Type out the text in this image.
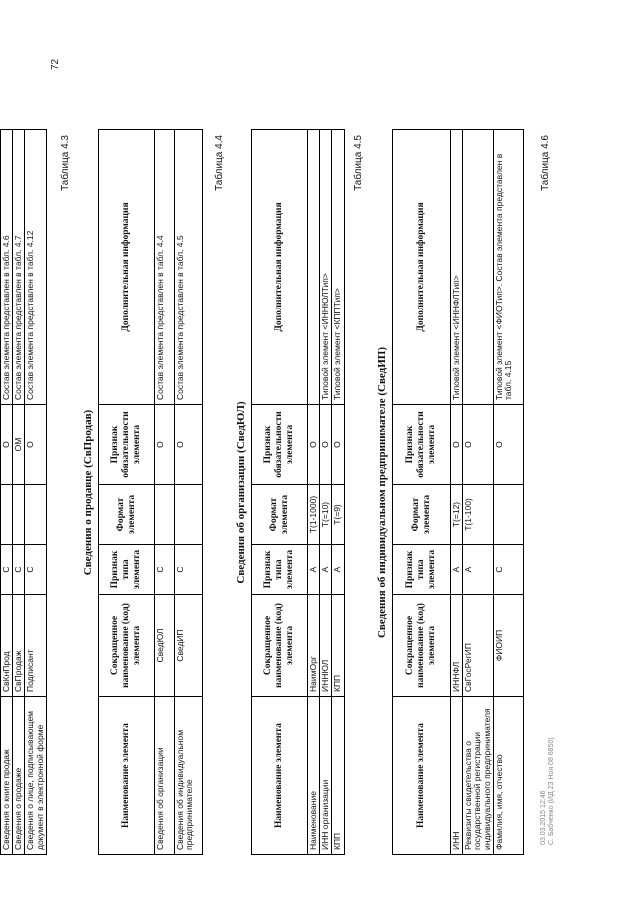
72
Сведения о книге продаж	СвКнПрод	С		О	Состав элемента представлен в табл. 4.6
Сведения о продаже	СвПродаж	С		ОМ	Состав элемента представлен в табл. 4.7
Сведения о лице, подписывающем документ в электронной форме	Подписант	С		О	Состав элемента представлен в табл. 4.12
Таблица 4.3
Сведения о продавце (СвПродав)
Наименование элемента	Сокращенное наименование (код) элемента	Признак типа элемента	Формат элемента	Признак обязательности элемента	Дополнительная информация
Сведения об организации	СведЮЛ	С		О	Состав элемента представлен в табл. 4.4
Сведения об индивидуальном предпринимателе	СведИП	С		О	Состав элемента представлен в табл. 4.5
Таблица 4.4
Сведения об организации (СведЮЛ)
Наименование элемента	Сокращенное наименование (код) элемента	Признак типа элемента	Формат элемента	Признак обязательности элемента	Дополнительная информация
Наименование	НаимОрг	А	T(1-1000)	О	
ИНН организации	ИННЮЛ	А	T(=10)	О	Типовой элемент <ИННЮЛТип>
КПП	КПП	А	T(=9)	О	Типовой элемент <КППТип>
Таблица 4.5
Сведения об индивидуальном предпринимателе (СведИП)
Наименование элемента	Сокращенное наименование (код) элемента	Признак типа элемента	Формат элемента	Признак обязательности элемента	Дополнительная информация
ИНН	ИННФЛ	А	T(=12)	О	Типовой элемент <ИННФЛТип>
Реквизиты свидетельства о государственной регистрации индивидуального предпринимателя	СвГосРегИП	А	T(1-100)	О	
Фамилия, имя, отчество	ФИОИП	С		О	Типовой элемент <ФИОТип>. Состав элемента представлен в табл. 4.15
Таблица 4.6
03.03.2015 12:46 С. Бабченко (ИД 23 Ноя 08 6850)
